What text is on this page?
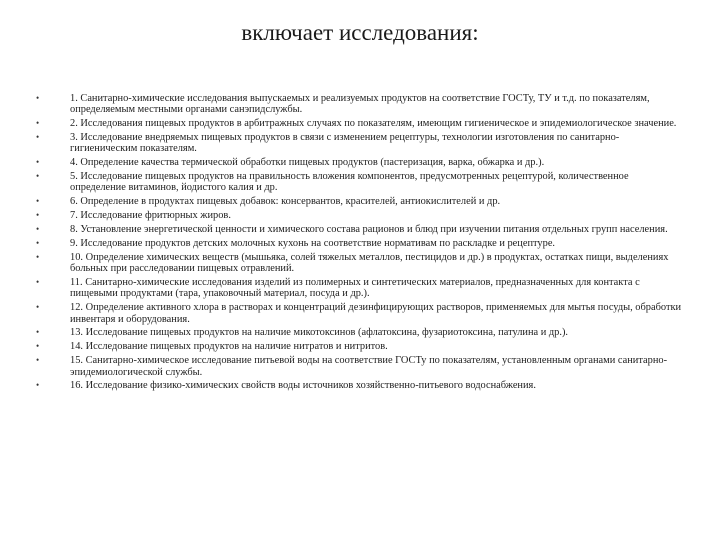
включает исследования:
•	1. Санитарно-химические исследования выпускаемых и реализуемых продуктов на соответствие ГОСТу, ТУ и т.д. по показателям, определяемым местными органами санэпидслужбы.
•	2. Исследования пищевых продуктов в арбитражных случаях по показателям, имеющим гигиеническое и эпидемиологическое значение.
•	3. Исследование внедряемых пищевых продуктов в связи с изменением рецептуры, технологии изготовления по санитарно-гигиеническим показателям.
•	4. Определение качества термической обработки пищевых продуктов (пастеризация, варка, обжарка и др.).
•	5. Исследование пищевых продуктов на правильность вложения компонентов, предусмотренных рецептурой, количественное определение витаминов, йодистого калия и др.
•	6. Определение в продуктах пищевых добавок: консервантов, красителей, антиокислителей и др.
•	7. Исследование фритюрных жиров.
•	8. Установление энергетической ценности и химического состава рационов и блюд при изучении питания отдельных групп населения.
•	9. Исследование продуктов детских молочных кухонь на соответствие нормативам по раскладке и рецептуре.
•	10. Определение химических веществ (мышьяка, солей тяжелых металлов, пестицидов и др.) в продуктах, остатках пищи, выделениях больных при расследовании пищевых отравлений.
•	11. Санитарно-химические исследования изделий из полимерных и синтетических материалов, предназначенных для контакта с пищевыми продуктами (тара, упаковочный материал, посуда и др.).
•	12. Определение активного хлора в растворах и концентраций дезинфицирующих растворов, применяемых для мытья посуды, обработки инвентаря и оборудования.
•	13. Исследование пищевых продуктов на наличие микотоксинов (афлатоксина, фузариотоксина, патулина и др.).
•	14. Исследование пищевых продуктов на наличие нитратов и нитритов.
•	15. Санитарно-химическое исследование питьевой воды на соответствие ГОСТу по показателям, установленным органами санитарно-эпидемиологической службы.
•	16. Исследование физико-химических свойств воды источников хозяйственно-питьевого водоснабжения.
